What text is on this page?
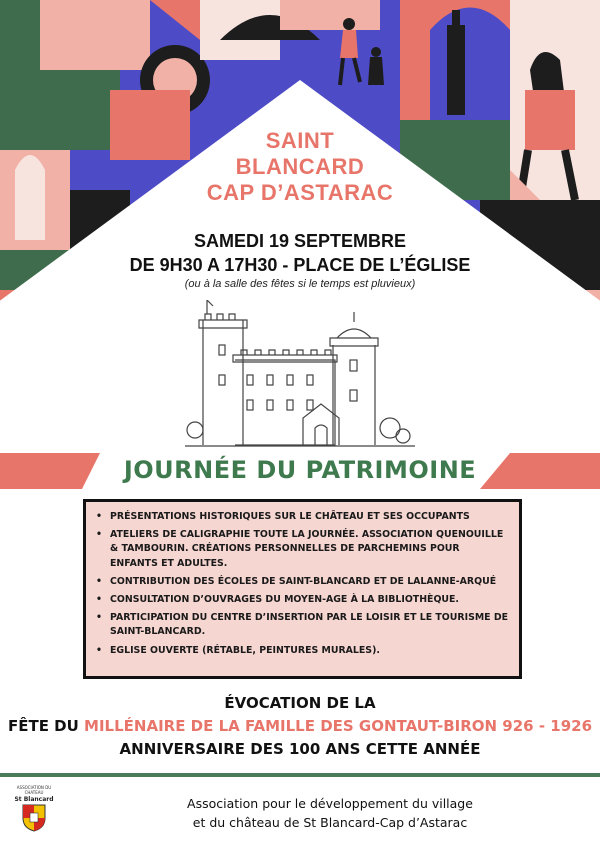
SAINT
BLANCARD
CAP D’ASTARAC
SAMEDI 19 SEPTEMBRE
DE 9H30 A 17H30 - PLACE DE L’ÉGLISE
(ou à la salle des fêtes si le temps est pluvieux)
JOURNÉE DU PATRIMOINE
• PRÉSENTATIONS HISTORIQUES SUR LE CHÂTEAU ET SES OCCUPANTS
• ATELIERS DE CALIGRAPHIE TOUTE LA JOURNÉE. ASSOCIATION QUENOUILLE & TAMBOURIN. CRÉATIONS PERSONNELLES DE PARCHEMINS POUR ENFANTS ET ADULTES.
• CONTRIBUTION DES ÉCOLES DE SAINT-BLANCARD ET DE LALANNE-ARQUÉ
• CONSULTATION D’OUVRAGES DU MOYEN-AGE À LA BIBLIOTHÈQUE.
• PARTICIPATION DU CENTRE D’INSERTION PAR LE LOISIR ET LE TOURISME DE SAINT-BLANCARD.
• EGLISE OUVERTE (RÉTABLE, PEINTURES MURALES).
ÉVOCATION DE LA
FÊTE DU MILLÉNAIRE DE LA FAMILLE DES GONTAUT-BIRON 926 - 1926
ANNIVERSAIRE DES 100 ANS CETTE ANNÉE
ASSOCIATION DU CHATEAU
St Blancard	Association pour le développement du village
et du château de St Blancard-Cap d’Astarac
